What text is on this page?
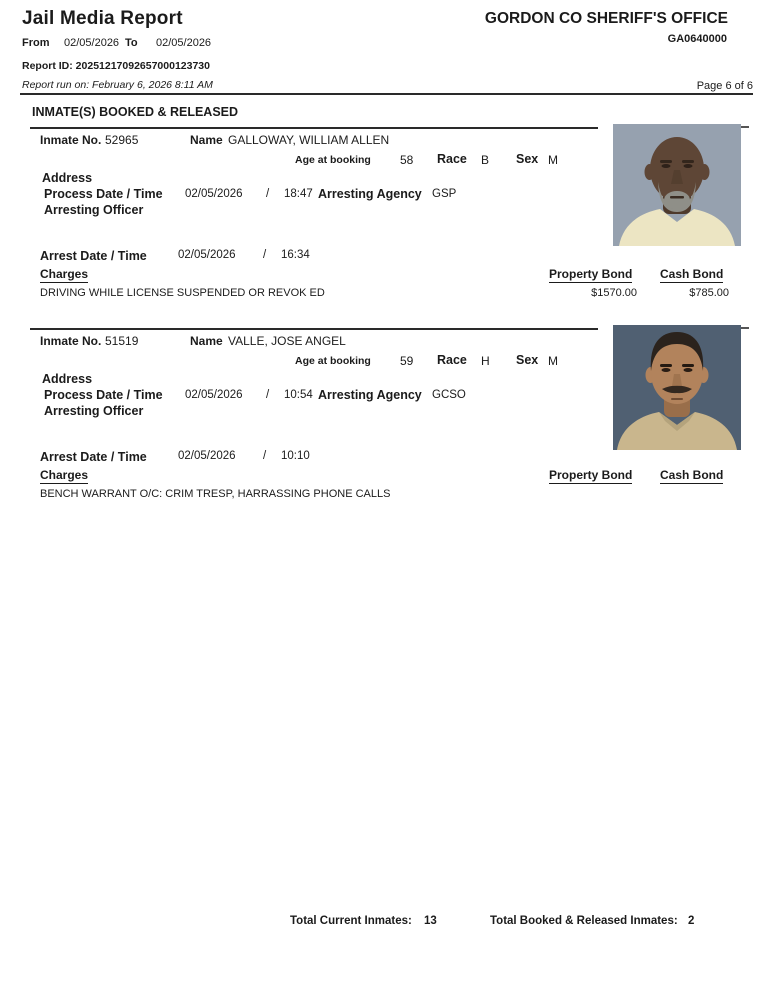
Jail Media Report
From 02/05/2026 To 02/05/2026
GORDON CO SHERIFF'S OFFICE
GA0640000
Report ID: 20251217092657000123730
Report run on: February 6, 2026 8:11 AM	Page 6 of 6
INMATE(S) BOOKED & RELEASED
Inmate No. 52965	Name GALLOWAY, WILLIAM ALLEN
Age at booking 58 Race B Sex M
Address
Process Date / Time 02/05/2026 / 18:47 Arresting Agency GSP
Arresting Officer
Arrest Date / Time	02/05/2026 / 16:34
Charges	Property Bond Cash Bond
DRIVING WHILE LICENSE SUSPENDED OR REVOK ED	$1570.00	$785.00
Inmate No. 51519	Name VALLE, JOSE ANGEL
Age at booking 59 Race H Sex M
Address
Process Date / Time 02/05/2026 / 10:54 Arresting Agency GCSO
Arresting Officer
Arrest Date / Time	02/05/2026 / 10:10
Charges	Property Bond Cash Bond
BENCH WARRANT O/C: CRIM TRESP, HARRASSING PHONE CALLS
Total Current Inmates: 13	Total Booked & Released Inmates: 2
